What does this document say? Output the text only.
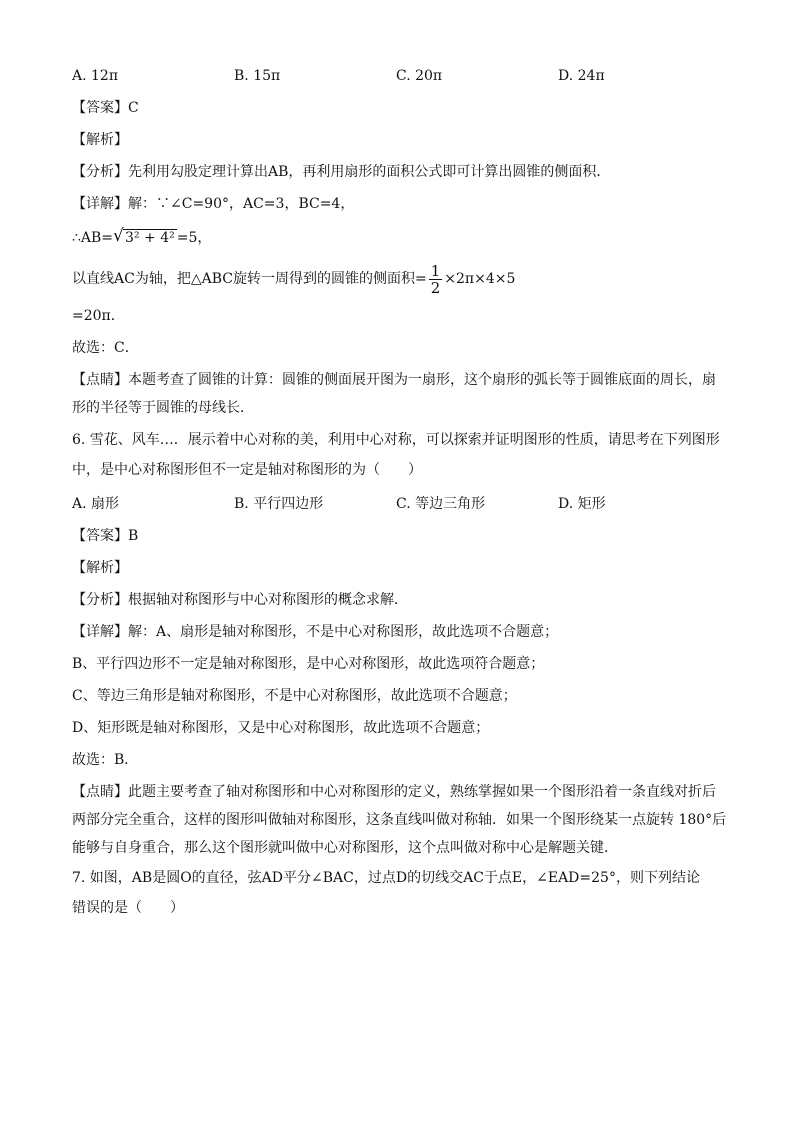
A. 12π	B. 15π	C. 20π	D. 24π
【答案】C
【解析】
【分析】先利用勾股定理计算出AB，再利用扇形的面积公式即可计算出圆锥的侧面积．
【详解】解：∵∠C=90°，AC=3，BC=4，
∴AB= √ 3² + 4² =5，
以直线AC为轴，把△ABC旋转一周得到的圆锥的侧面积= $\frac{1}{2} \times 2\pi\times 4\times 5$
=20π．
故选：C．
【点睛】本题考查了圆锥的计算：圆锥的侧面展开图为一扇形，这个扇形的弧长等于圆锥底面的周长，扇
形的半径等于圆锥的母线长．
6. 雪花、风车…．展示着中心对称的美，利用中心对称，可以探索并证明图形的性质，请思考在下列图形
中，是中心对称图形但不一定是轴对称图形的为（　　）
A. 扇形	B. 平行四边形	C. 等边三角形	D. 矩形
【答案】B
【解析】
【分析】根据轴对称图形与中心对称图形的概念求解．
【详解】解：A、扇形是轴对称图形，不是中心对称图形，故此选项不合题意；
B、平行四边形不一定是轴对称图形，是中心对称图形，故此选项符合题意；
C、等边三角形是轴对称图形，不是中心对称图形，故此选项不合题意；
D、矩形既是轴对称图形，又是中心对称图形，故此选项不合题意；
故选：B．
【点睛】此题主要考查了轴对称图形和中心对称图形的定义，熟练掌握如果一个图形沿着一条直线对折后
两部分完全重合，这样的图形叫做轴对称图形，这条直线叫做对称轴．如果一个图形绕某一点旋转 180°后
能够与自身重合，那么这个图形就叫做中心对称图形，这个点叫做对称中心是解题关键．
7. 如图，AB是圆O的直径，弦AD平分∠BAC，过点D的切线交AC于点E，∠EAD=25°，则下列结论
错误的是（　　）
